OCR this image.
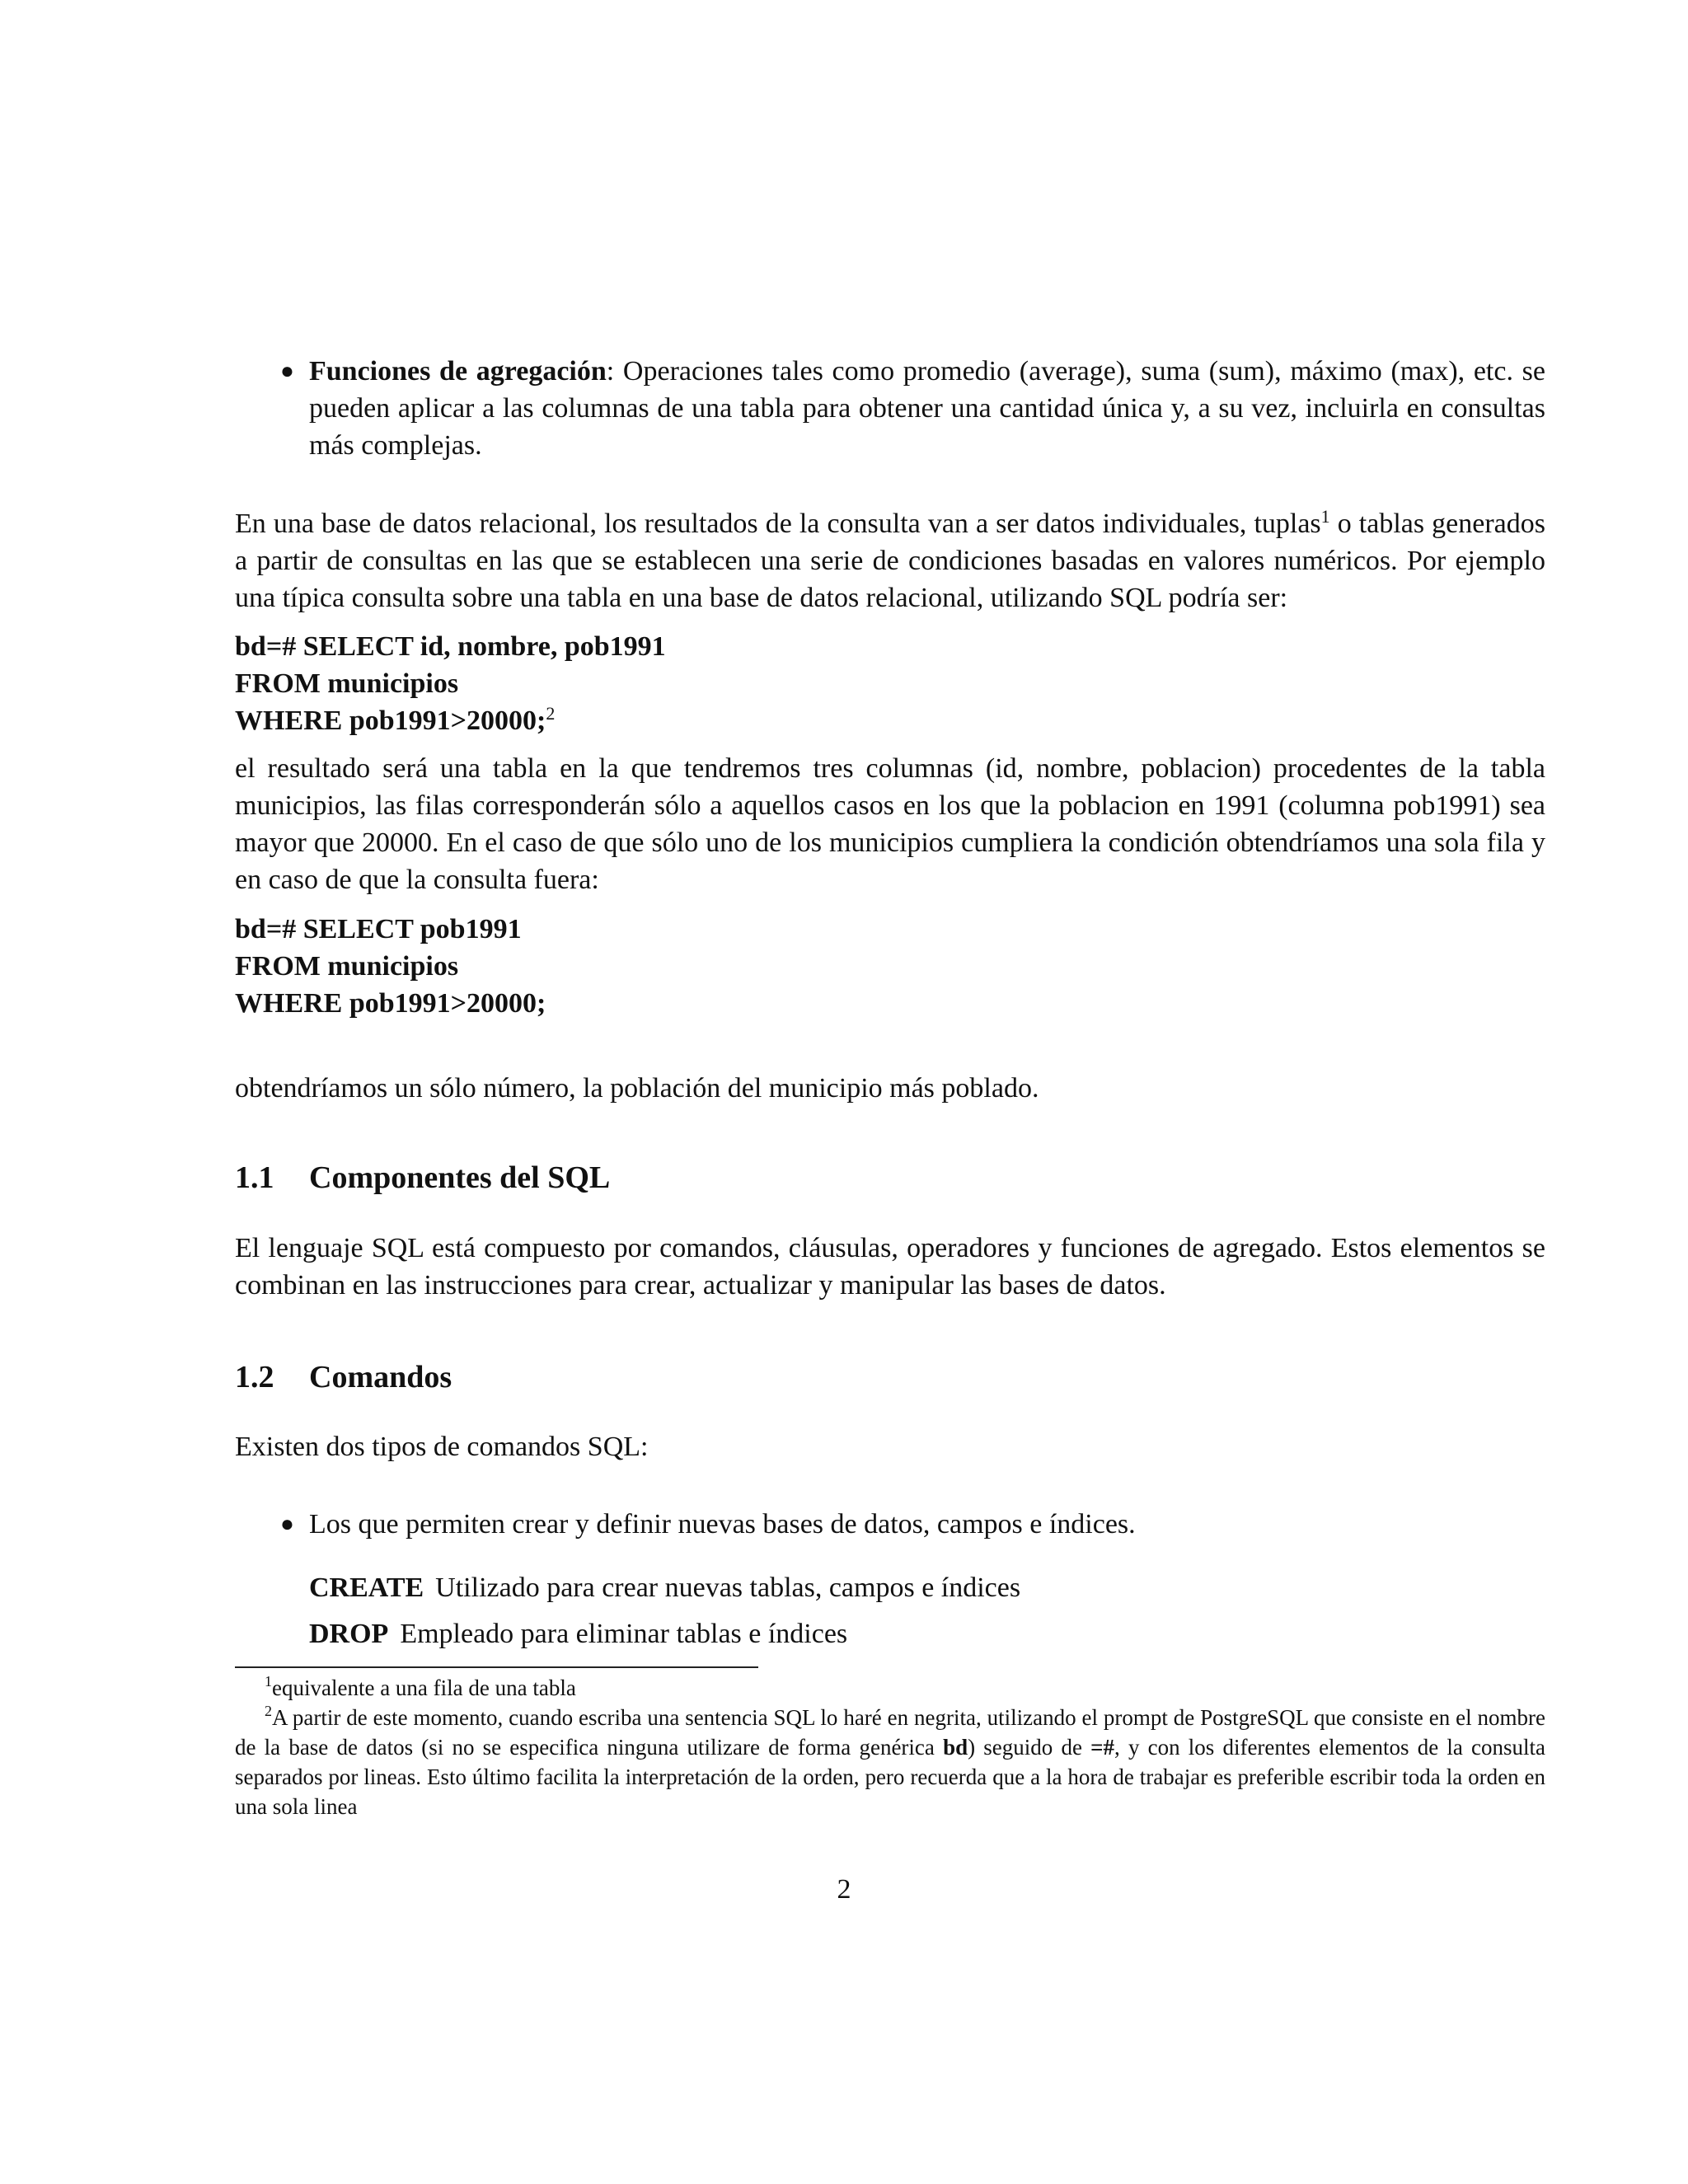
● Funciones de agregación: Operaciones tales como promedio (average), suma (sum), máximo (max), etc. se pueden aplicar a las columnas de una tabla para obtener una cantidad única y, a su vez, incluirla en consultas más complejas.

En una base de datos relacional, los resultados de la consulta van a ser datos individuales, tuplas$^1$ o tablas generados a partir de consultas en las que se establecen una serie de condiciones basadas en valores numéricos. Por ejemplo una típica consulta sobre una tabla en una base de datos relacional, utilizando SQL podría ser:

bd=# SELECT id, nombre, pob1991
FROM municipios
WHERE pob1991>20000;$^2$

el resultado será una tabla en la que tendremos tres columnas (id, nombre, poblacion) procedentes de la tabla municipios, las filas corresponderán sólo a aquellos casos en los que la poblacion en 1991 (columna pob1991) sea mayor que 20000. En el caso de que sólo uno de los municipios cumpliera la condición obtendríamos una sola fila y en caso de que la consulta fuera:

bd=# SELECT pob1991
FROM municipios
WHERE pob1991>20000;

obtendríamos un sólo número, la población del municipio más poblado.

1.1 Componentes del SQL

El lenguaje SQL está compuesto por comandos, cláusulas, operadores y funciones de agregado. Estos elementos se combinan en las instrucciones para crear, actualizar y manipular las bases de datos.

1.2 Comandos

Existen dos tipos de comandos SQL:

● Los que permiten crear y definir nuevas bases de datos, campos e índices.
CREATE Utilizado para crear nuevas tablas, campos e índices
DROP Empleado para eliminar tablas e índices
$^1$equivalente a una fila de una tabla
$^2$A partir de este momento, cuando escriba una sentencia SQL lo haré en negrita, utilizando el prompt de PostgreSQL que consiste en el nombre de la base de datos (si no se especifica ninguna utilizare de forma genérica bd) seguido de =#, y con los diferentes elementos de la consulta separados por lineas. Esto último facilita la interpretación de la orden, pero recuerda que a la hora de trabajar es preferible escribir toda la orden en una sola linea
2
